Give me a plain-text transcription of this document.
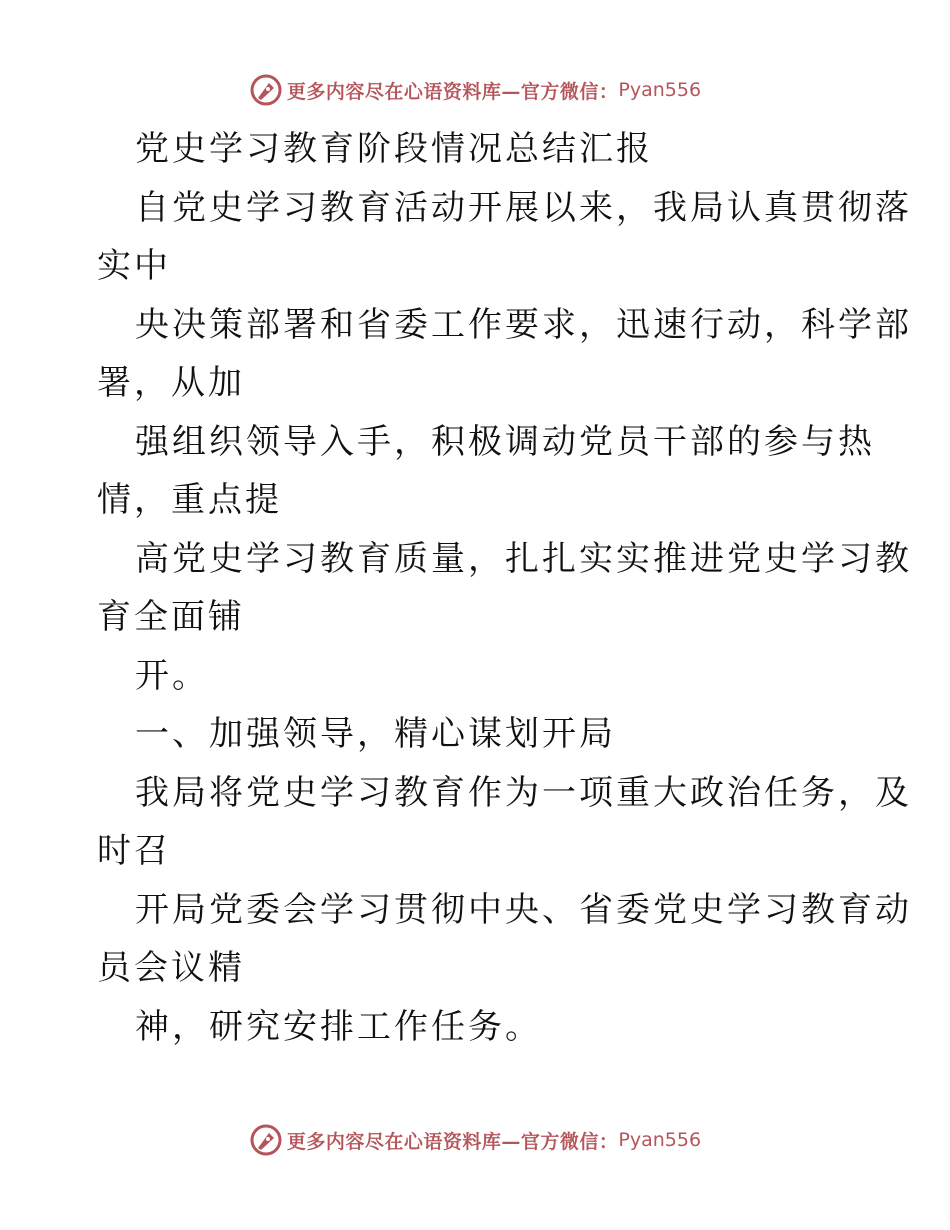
更多内容尽在心语资料库—官方微信： Pyan556
党史学习教育阶段情况总结汇报
自党史学习教育活动开展以来，我局认真贯彻落
实中
央决策部署和省委工作要求，迅速行动，科学部
署，从加
强组织领导入手，积极调动党员干部的参与热
情，重点提
高党史学习教育质量，扎扎实实推进党史学习教
育全面铺
开。
一、加强领导，精心谋划开局
我局将党史学习教育作为一项重大政治任务，及
时召
开局党委会学习贯彻中央、省委党史学习教育动
员会议精
神，研究安排工作任务。
更多内容尽在心语资料库—官方微信： Pyan556
